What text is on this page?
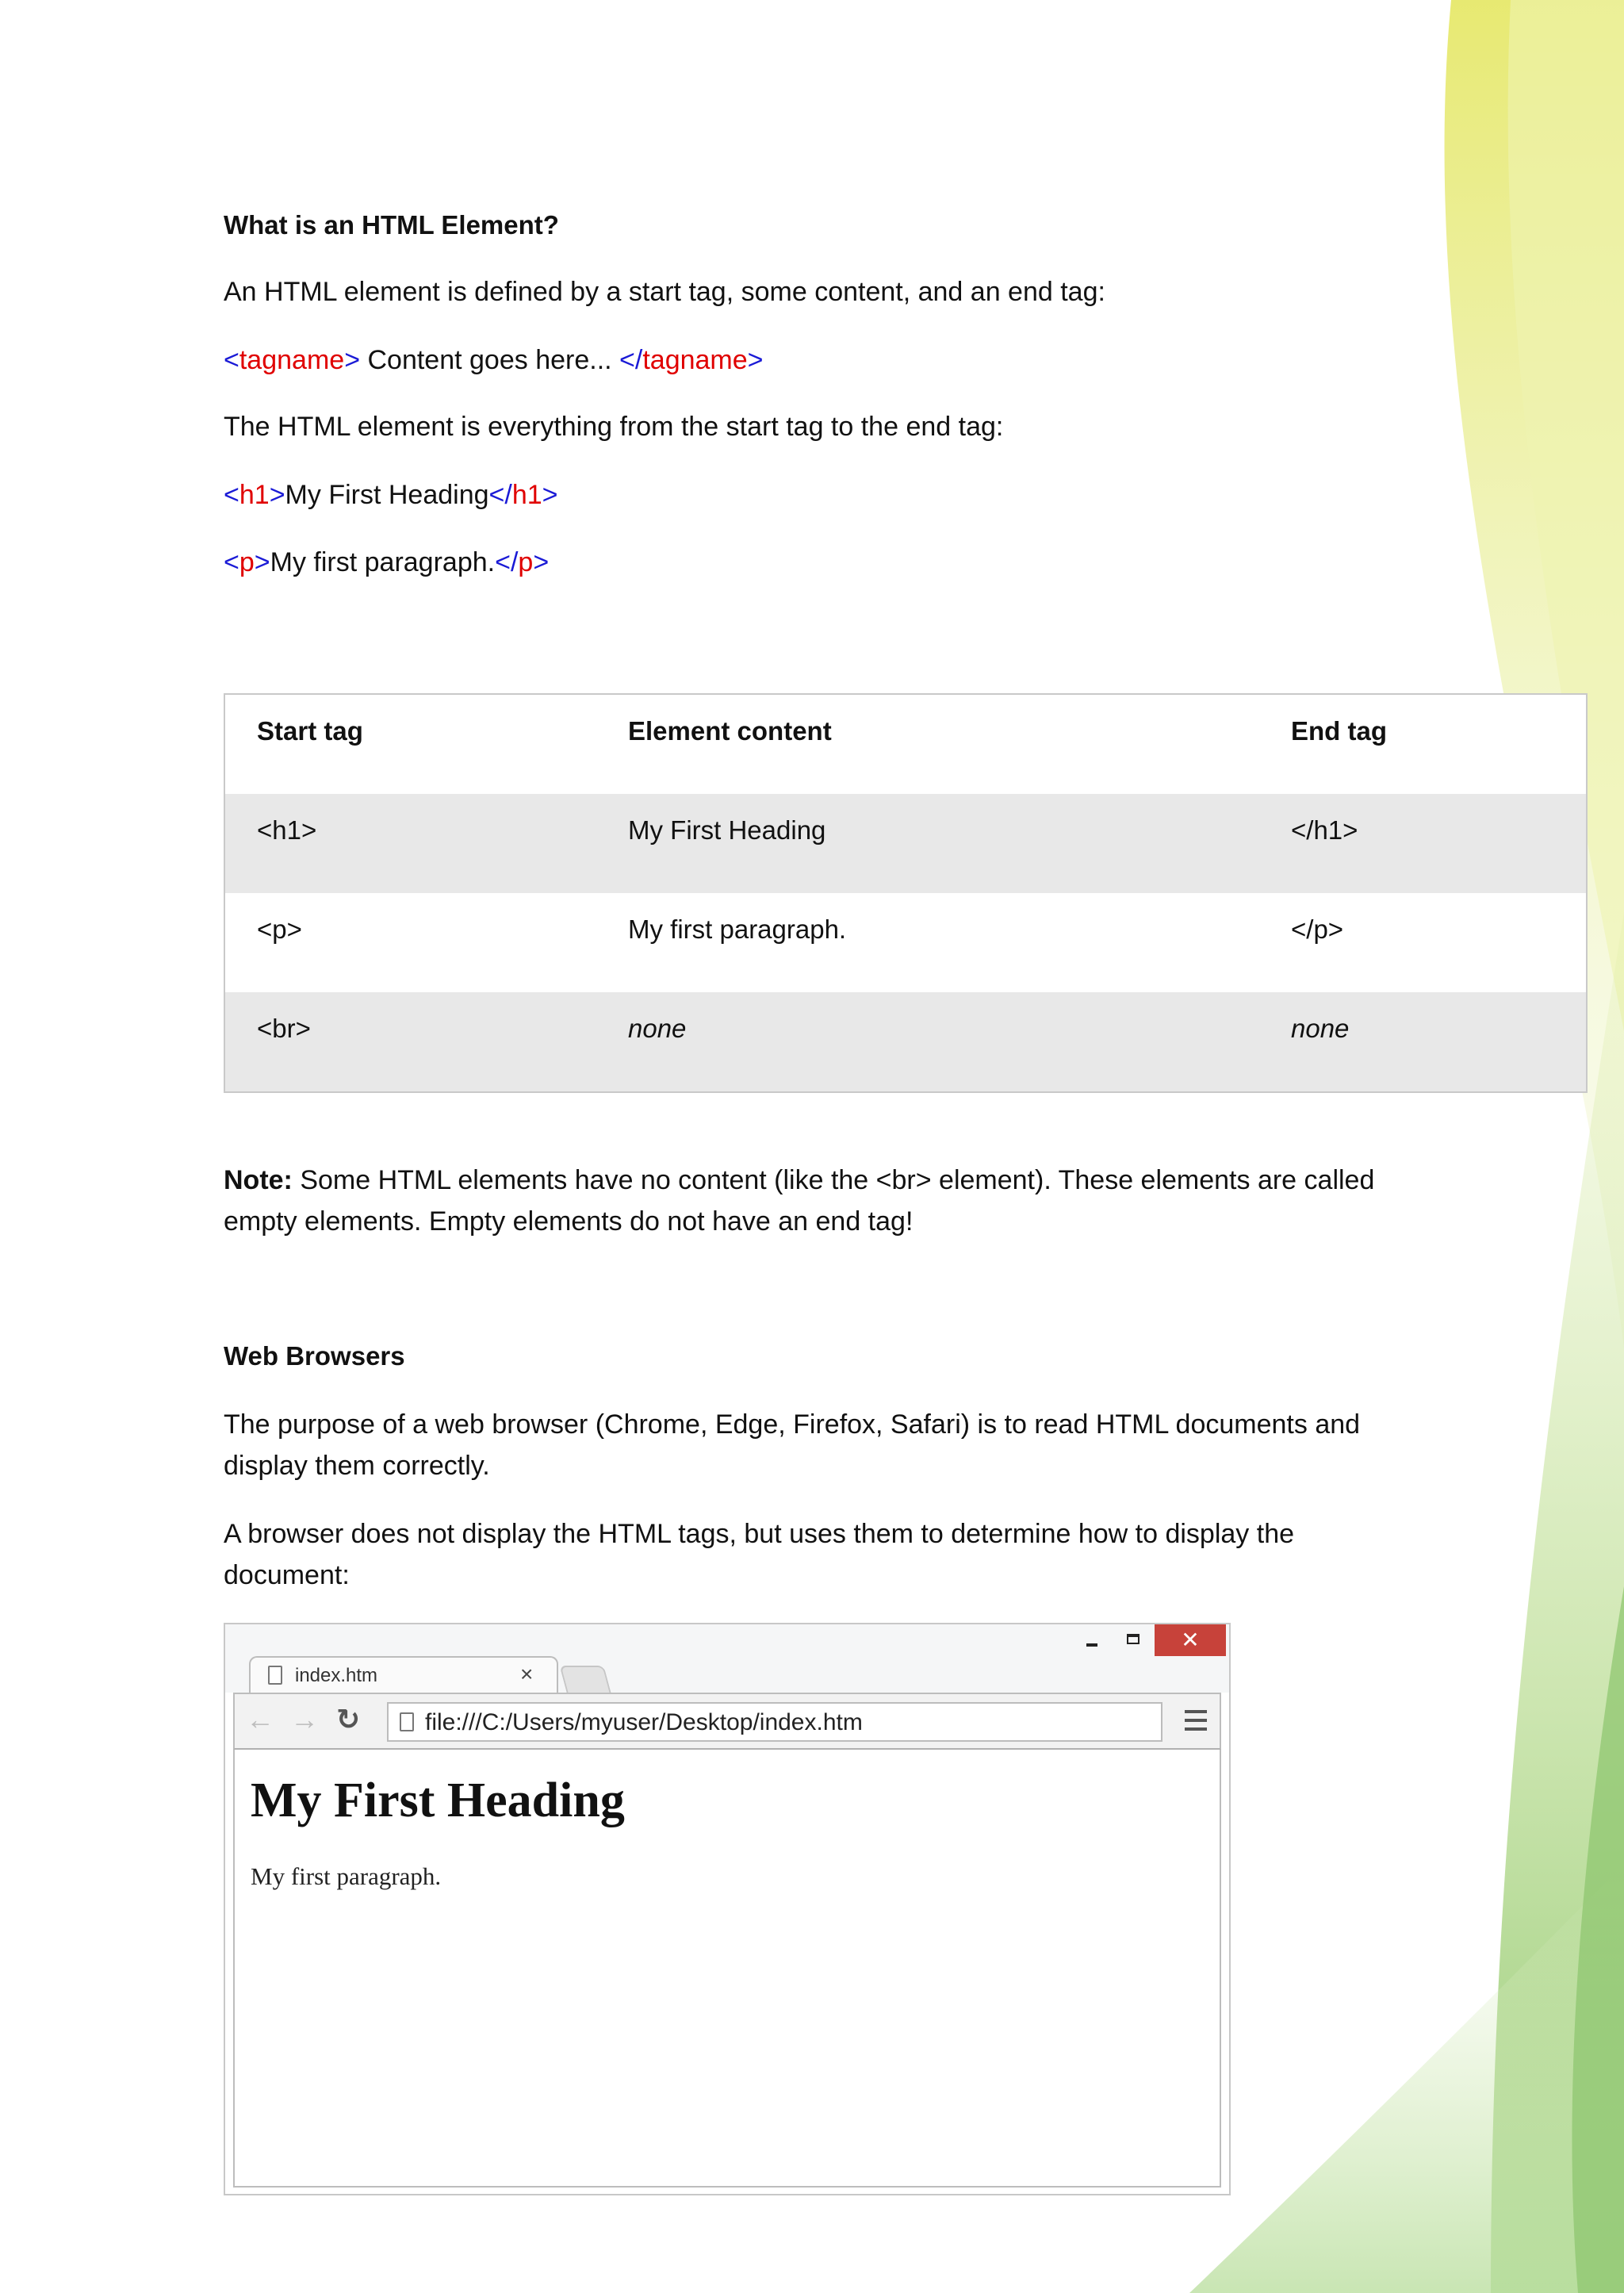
What is an HTML Element?

An HTML element is defined by a start tag, some content, and an end tag:

<tagname> Content goes here... </tagname>

The HTML element is everything from the start tag to the end tag:

<h1>My First Heading</h1>

<p>My first paragraph.</p>

Start tag	Element content	End tag
<h1>	My First Heading	</h1>
<p>	My first paragraph.	</p>
<br>	none	none

Note: Some HTML elements have no content (like the <br> element). These elements are called empty elements. Empty elements do not have an end tag!

Web Browsers

The purpose of a web browser (Chrome, Edge, Firefox, Safari) is to read HTML documents and display them correctly.

A browser does not display the HTML tags, but uses them to determine how to display the document:

index.htm	×
✕
← → ↻	file:///C:/Users/myuser/Desktop/index.htm
My First Heading
My first paragraph.
